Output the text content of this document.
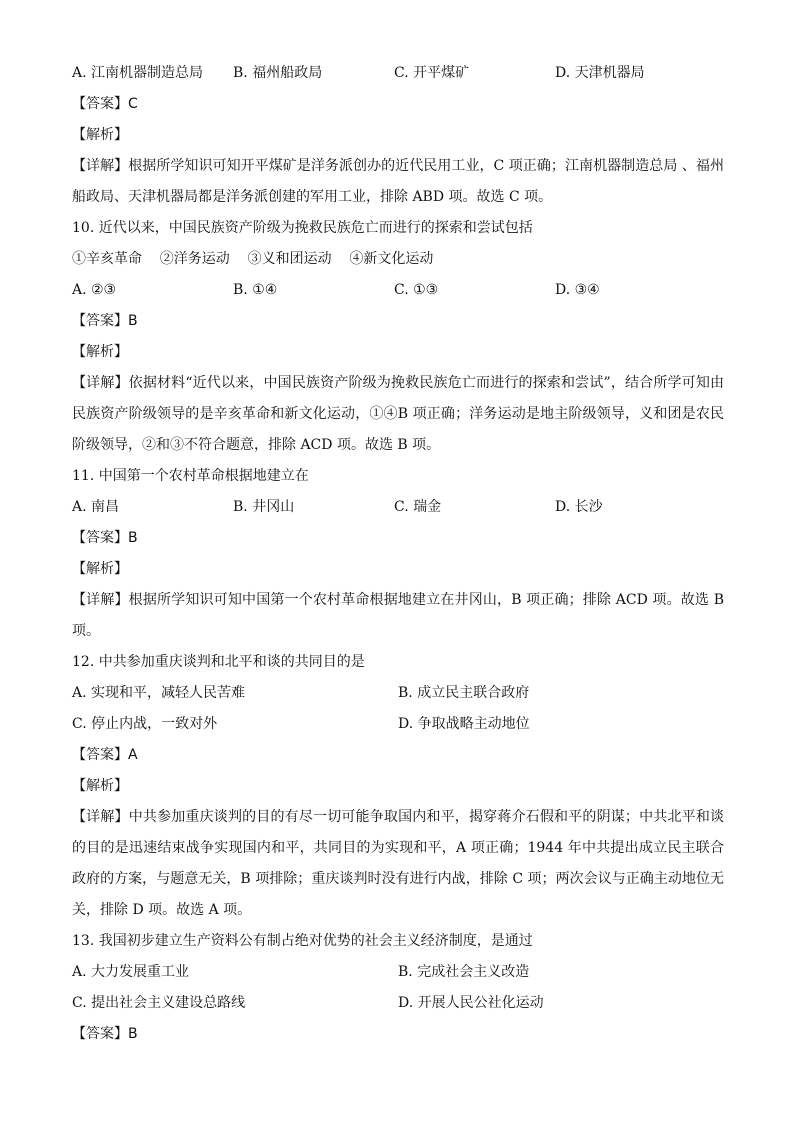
A. 江南机器制造总局	B. 福州船政局	C. 开平煤矿	D. 天津机器局
【答案】C
【解析】
【详解】根据所学知识可知开平煤矿是洋务派创办的近代民用工业，C 项正确；江南机器制造总局 、福州船政局、天津机器局都是洋务派创建的军用工业，排除 ABD 项。故选 C 项。
10. 近代以来，中国民族资产阶级为挽救民族危亡而进行的探索和尝试包括
①辛亥革命    ②洋务运动    ③义和团运动    ④新文化运动
A. ②③	B. ①④	C. ①③	D. ③④
【答案】B
【解析】
【详解】依据材料“近代以来，中国民族资产阶级为挽救民族危亡而进行的探索和尝试”，结合所学可知由民族资产阶级领导的是辛亥革命和新文化运动，①④B 项正确；洋务运动是地主阶级领导，义和团是农民阶级领导，②和③不符合题意，排除 ACD 项。故选 B 项。
11. 中国第一个农村革命根据地建立在
A. 南昌	B. 井冈山	C. 瑞金	D. 长沙
【答案】B
【解析】
【详解】根据所学知识可知中国第一个农村革命根据地建立在井冈山，B 项正确；排除 ACD 项。故选 B 项。
12. 中共参加重庆谈判和北平和谈的共同目的是
A. 实现和平，减轻人民苦难	B. 成立民主联合政府
C. 停止内战，一致对外	D. 争取战略主动地位
【答案】A
【解析】
【详解】中共参加重庆谈判的目的有尽一切可能争取国内和平，揭穿蒋介石假和平的阴谋；中共北平和谈的目的是迅速结束战争实现国内和平，共同目的为实现和平，A 项正确；1944 年中共提出成立民主联合政府的方案，与题意无关，B 项排除；重庆谈判时没有进行内战，排除 C 项；两次会议与正确主动地位无关，排除 D 项。故选 A 项。
13. 我国初步建立生产资料公有制占绝对优势的社会主义经济制度，是通过
A. 大力发展重工业	B. 完成社会主义改造
C. 提出社会主义建设总路线	D. 开展人民公社化运动
【答案】B
